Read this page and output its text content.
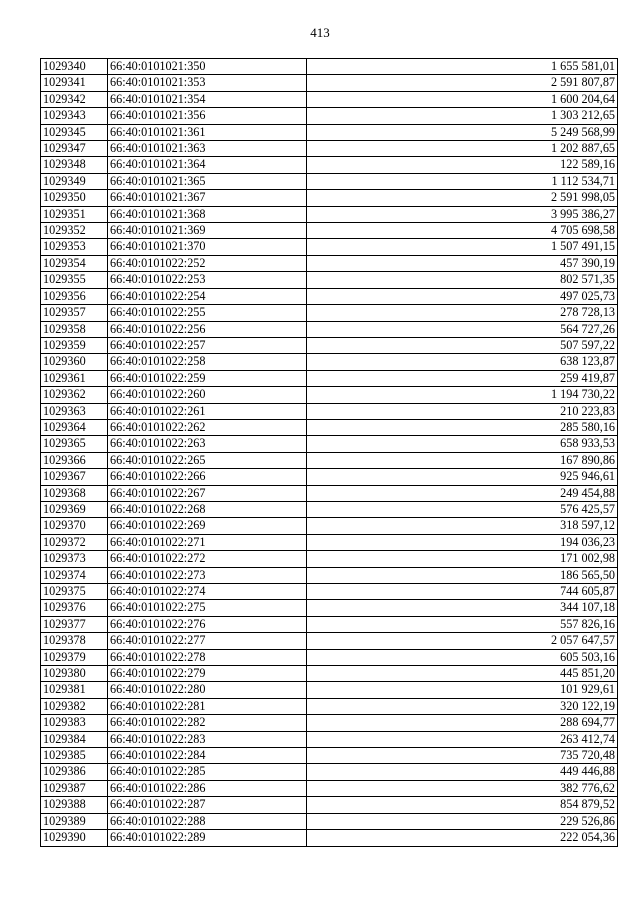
413
1029340	66:40:0101021:350	1 655 581,01
1029341	66:40:0101021:353	2 591 807,87
1029342	66:40:0101021:354	1 600 204,64
1029343	66:40:0101021:356	1 303 212,65
1029345	66:40:0101021:361	5 249 568,99
1029347	66:40:0101021:363	1 202 887,65
1029348	66:40:0101021:364	122 589,16
1029349	66:40:0101021:365	1 112 534,71
1029350	66:40:0101021:367	2 591 998,05
1029351	66:40:0101021:368	3 995 386,27
1029352	66:40:0101021:369	4 705 698,58
1029353	66:40:0101021:370	1 507 491,15
1029354	66:40:0101022:252	457 390,19
1029355	66:40:0101022:253	802 571,35
1029356	66:40:0101022:254	497 025,73
1029357	66:40:0101022:255	278 728,13
1029358	66:40:0101022:256	564 727,26
1029359	66:40:0101022:257	507 597,22
1029360	66:40:0101022:258	638 123,87
1029361	66:40:0101022:259	259 419,87
1029362	66:40:0101022:260	1 194 730,22
1029363	66:40:0101022:261	210 223,83
1029364	66:40:0101022:262	285 580,16
1029365	66:40:0101022:263	658 933,53
1029366	66:40:0101022:265	167 890,86
1029367	66:40:0101022:266	925 946,61
1029368	66:40:0101022:267	249 454,88
1029369	66:40:0101022:268	576 425,57
1029370	66:40:0101022:269	318 597,12
1029372	66:40:0101022:271	194 036,23
1029373	66:40:0101022:272	171 002,98
1029374	66:40:0101022:273	186 565,50
1029375	66:40:0101022:274	744 605,87
1029376	66:40:0101022:275	344 107,18
1029377	66:40:0101022:276	557 826,16
1029378	66:40:0101022:277	2 057 647,57
1029379	66:40:0101022:278	605 503,16
1029380	66:40:0101022:279	445 851,20
1029381	66:40:0101022:280	101 929,61
1029382	66:40:0101022:281	320 122,19
1029383	66:40:0101022:282	288 694,77
1029384	66:40:0101022:283	263 412,74
1029385	66:40:0101022:284	735 720,48
1029386	66:40:0101022:285	449 446,88
1029387	66:40:0101022:286	382 776,62
1029388	66:40:0101022:287	854 879,52
1029389	66:40:0101022:288	229 526,86
1029390	66:40:0101022:289	222 054,36
